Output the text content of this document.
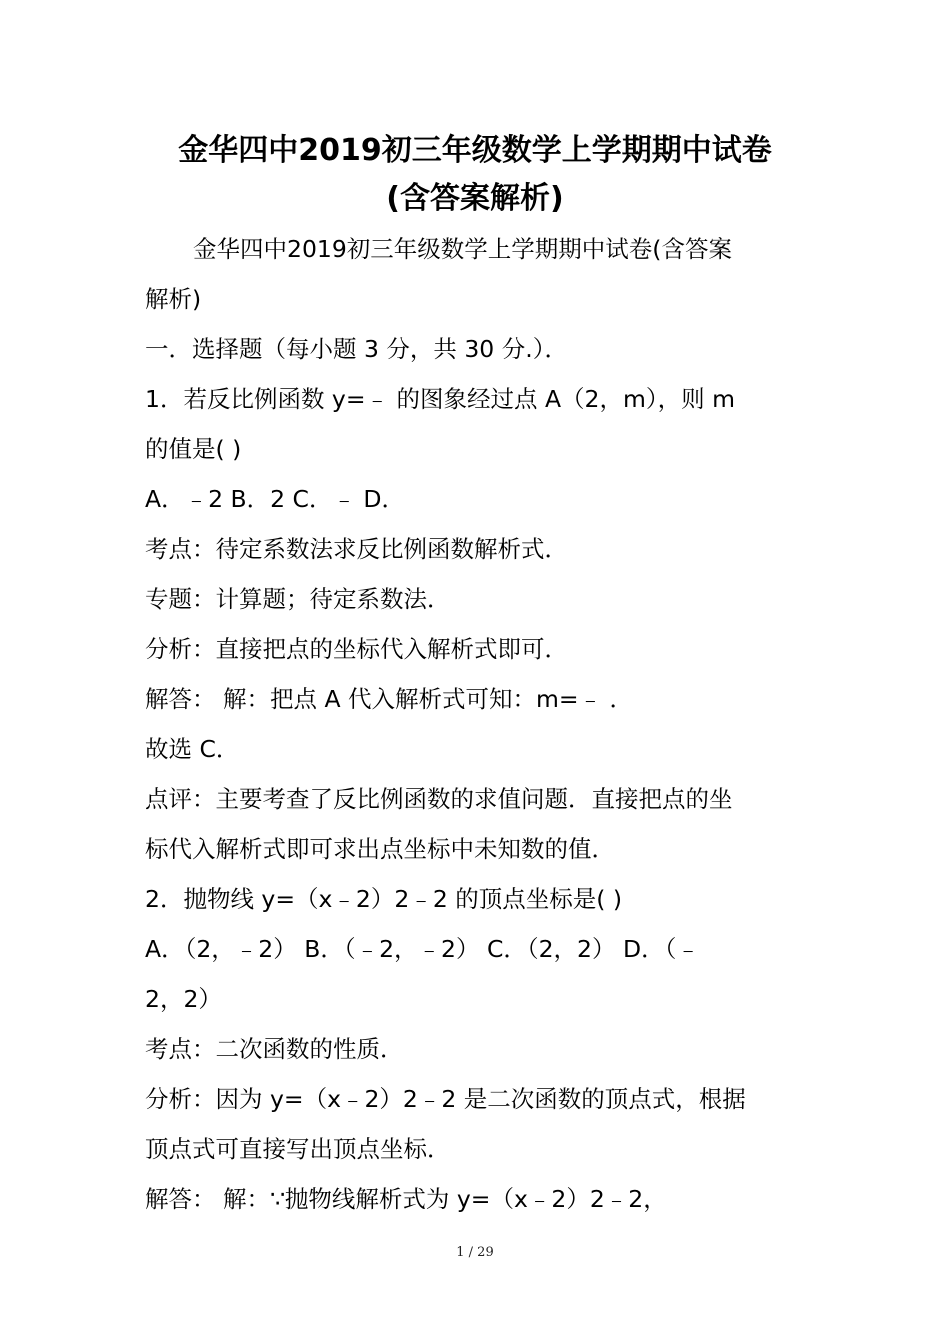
金华四中2019初三年级数学上学期期中试卷
(含答案解析)
金华四中2019初三年级数学上学期期中试卷(含答案
解析)
一．选择题（每小题 3 分，共 30 分.）．
1．若反比例函数 y=﹣ 的图象经过点 A（2，m），则 m
的值是( )
A．﹣2 B．2 C．﹣ D．
考点：待定系数法求反比例函数解析式．
专题：计算题；待定系数法．
分析：直接把点的坐标代入解析式即可．
解答： 解：把点 A 代入解析式可知：m=﹣ ．
故选 C．
点评：主要考查了反比例函数的求值问题．直接把点的坐
标代入解析式即可求出点坐标中未知数的值．
2．抛物线 y=（x﹣2）2﹣2 的顶点坐标是( )
A．（2，﹣2） B．（﹣2，﹣2） C．（2，2） D．（﹣
2，2）
考点：二次函数的性质．
分析：因为 y=（x﹣2）2﹣2 是二次函数的顶点式，根据
顶点式可直接写出顶点坐标．
解答： 解：∵抛物线解析式为 y=（x﹣2）2﹣2，
1 / 29
